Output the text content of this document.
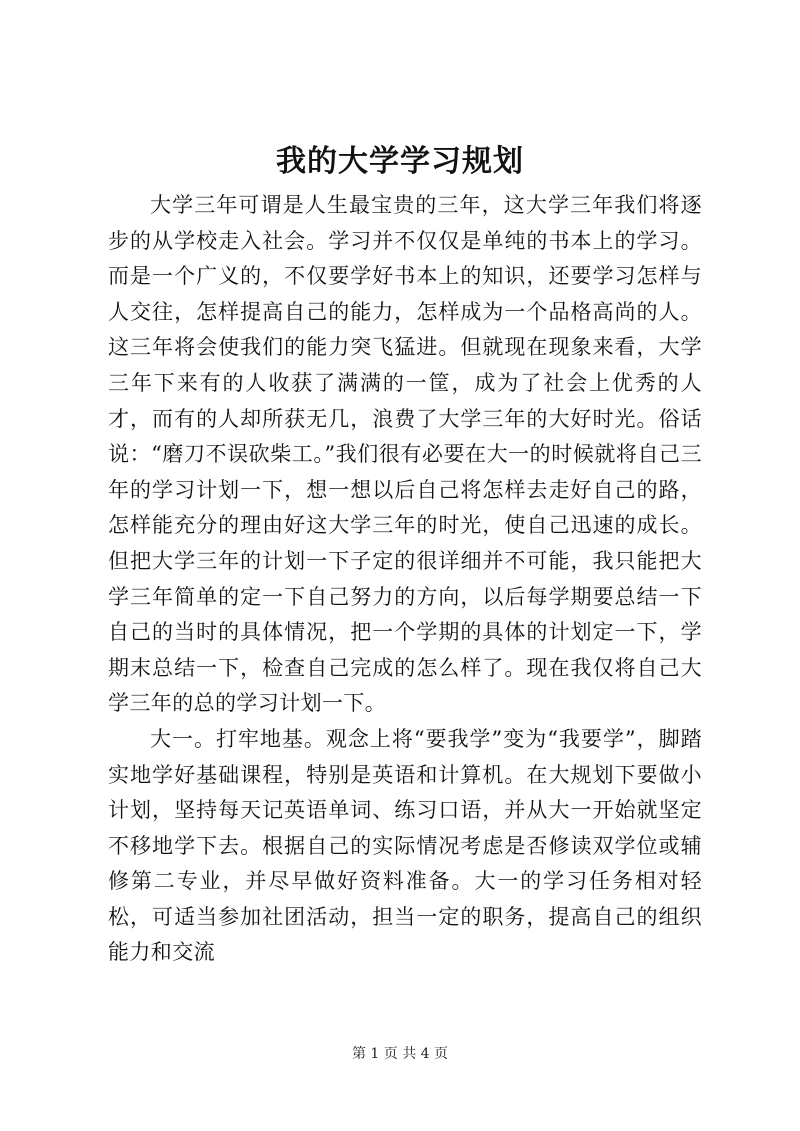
我的大学学习规划

大学三年可谓是人生最宝贵的三年，这大学三年我们将逐步的从学校走入社会。学习并不仅仅是单纯的书本上的学习。而是一个广义的，不仅要学好书本上的知识，还要学习怎样与人交往，怎样提高自己的能力，怎样成为一个品格高尚的人。这三年将会使我们的能力突飞猛进。但就现在现象来看，大学三年下来有的人收获了满满的一筐，成为了社会上优秀的人才，而有的人却所获无几，浪费了大学三年的大好时光。俗话说：“磨刀不误砍柴工。”我们很有必要在大一的时候就将自己三年的学习计划一下，想一想以后自己将怎样去走好自己的路，怎样能充分的理由好这大学三年的时光，使自己迅速的成长。但把大学三年的计划一下子定的很详细并不可能，我只能把大学三年简单的定一下自己努力的方向，以后每学期要总结一下自己的当时的具体情况，把一个学期的具体的计划定一下，学期末总结一下，检查自己完成的怎么样了。现在我仅将自己大学三年的总的学习计划一下。

大一。打牢地基。观念上将“要我学”变为“我要学”，脚踏实地学好基础课程，特别是英语和计算机。在大规划下要做小计划，坚持每天记英语单词、练习口语，并从大一开始就坚定不移地学下去。根据自己的实际情况考虑是否修读双学位或辅修第二专业，并尽早做好资料准备。大一的学习任务相对轻松，可适当参加社团活动，担当一定的职务，提高自己的组织能力和交流

第 1 页 共 4 页
